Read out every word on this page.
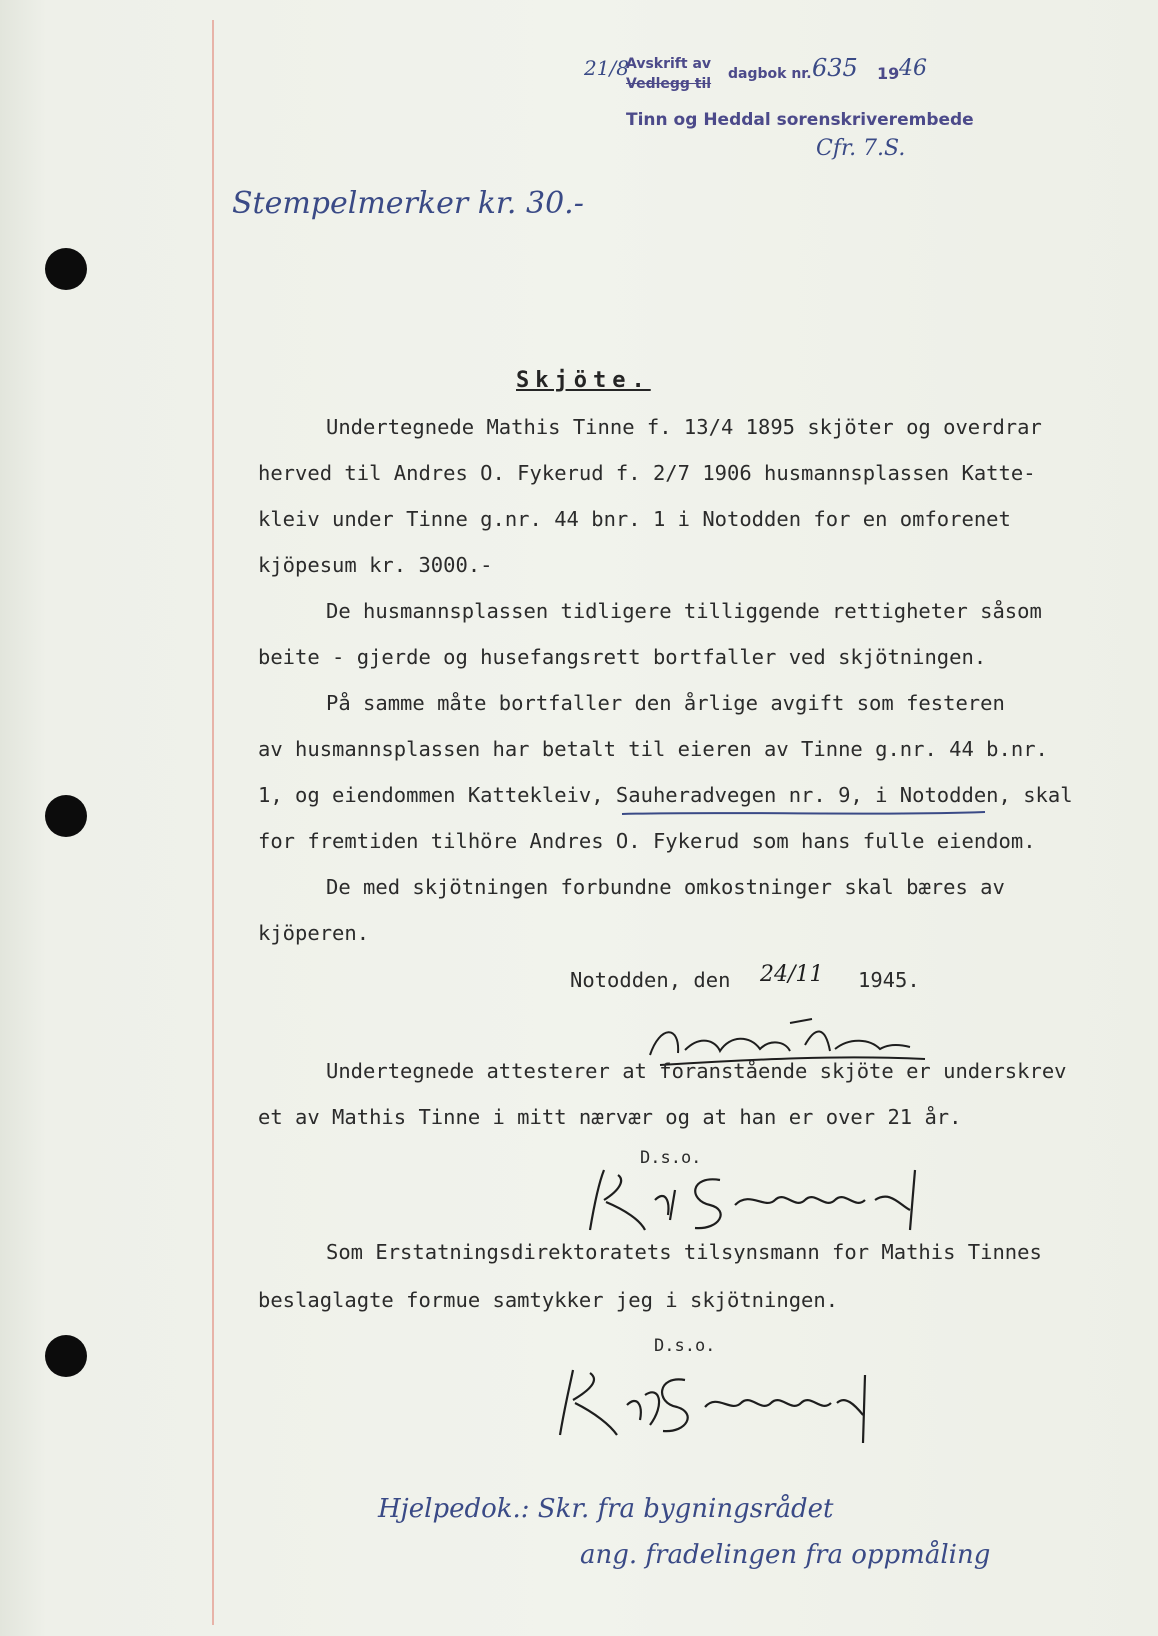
21/8
Avskrift av
Vedlegg til
dagbok nr. 635 19 46
Tinn og Heddal sorenskriverembede
Cfr. 7.S.
Stempelmerker kr. 30.-
Skjöte.
Undertegnede Mathis Tinne f. 13/4 1895 skjöter og overdrar
herved til Andres O. Fykerud f. 2/7 1906 husmannsplassen Katte-
kleiv under Tinne g.nr. 44 bnr. 1 i Notodden for en omforenet
kjöpesum kr. 3000.-
De husmannsplassen tidligere tilliggende rettigheter såsom
beite - gjerde og husefangsrett bortfaller ved skjötningen.
På samme måte bortfaller den årlige avgift som festeren
av husmannsplassen har betalt til eieren av Tinne g.nr. 44 b.nr.
1, og eiendommen Kattekleiv, Sauheradvegen nr. 9, i Notodden, skal
for fremtiden tilhöre Andres O. Fykerud som hans fulle eiendom.
De med skjötningen forbundne omkostninger skal bæres av
kjöperen.
Notodden, den 24/11 1945.
Undertegnede attesterer at foranstående skjöte er underskrev
et av Mathis Tinne i mitt nærvær og at han er over 21 år.
D.s.o.
Som Erstatningsdirektoratets tilsynsmann for Mathis Tinnes
beslaglagte formue samtykker jeg i skjötningen.
D.s.o.
Hjelpedok.: Skr. fra bygningsrådet
ang. fradelingen fra oppmåling
